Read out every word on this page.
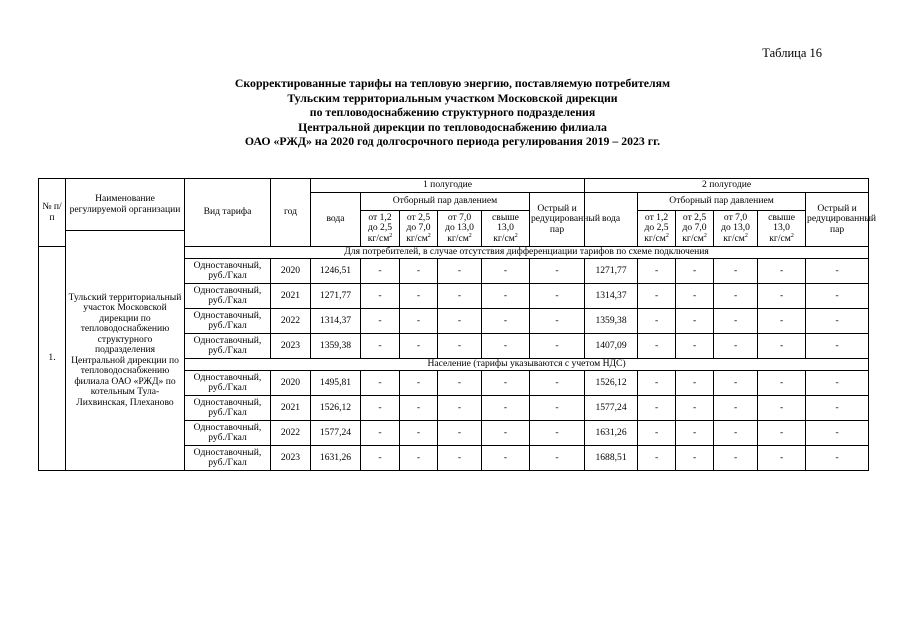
Таблица 16
Скорректированные тарифы на тепловую энергию, поставляемую потребителям
Тульским территориальным участком Московской дирекции
по тепловодоснабжению структурного подразделения
Центральной дирекции по тепловодоснабжению филиала
ОАО «РЖД» на 2020 год долгосрочного периода регулирования 2019 – 2023 гг.
№ п/п	Наименование регулируемой организации	Вид тарифа	год	1 полугодие						2 полугодие					
				вода	Отборный пар давлением				Острый и редуцированный пар	вода	Отборный пар давлением				Острый и редуцированный пар
					от 1,2
до 2,5
$кг/см^2$	от 2,5
до 7,0
$кг/см^2$	от 7,0
до 13,0
$кг/см^2$	свыше
13,0
$кг/см^2$			от 1,2
до 2,5
$кг/см^2$	от 2,5
до 7,0
$кг/см^2$	от 7,0
до 13,0
$кг/см^2$	свыше
13,0
$кг/см^2$
	Тульский территориальный участок Московской дирекции по тепловодоснабжению структурного подразделения Центральной дирекции по тепловодоснабжению филиала ОАО «РЖД» по котельным Тула-Лихвинская, Плеханово														
1.		Для потребителей, в случае отсутствия дифференциации тарифов по схеме подключения													
		Одноставочный, руб./Гкал	2020	1246,51	-	-	-	-	-	1271,77	-	-	-	-	-
		Одноставочный, руб./Гкал	2021	1271,77	-	-	-	-	-	1314,37	-	-	-	-	-
		Одноставочный, руб./Гкал	2022	1314,37	-	-	-	-	-	1359,38	-	-	-	-	-
		Одноставочный, руб./Гкал	2023	1359,38	-	-	-	-	-	1407,09	-	-	-	-	-
		Население (тарифы указываются с учетом НДС)													
		Одноставочный, руб./Гкал	2020	1495,81	-	-	-	-	-	1526,12	-	-	-	-	-
		Одноставочный, руб./Гкал	2021	1526,12	-	-	-	-	-	1577,24	-	-	-	-	-
		Одноставочный, руб./Гкал	2022	1577,24	-	-	-	-	-	1631,26	-	-	-	-	-
		Одноставочный, руб./Гкал	2023	1631,26	-	-	-	-	-	1688,51	-	-	-	-	-
